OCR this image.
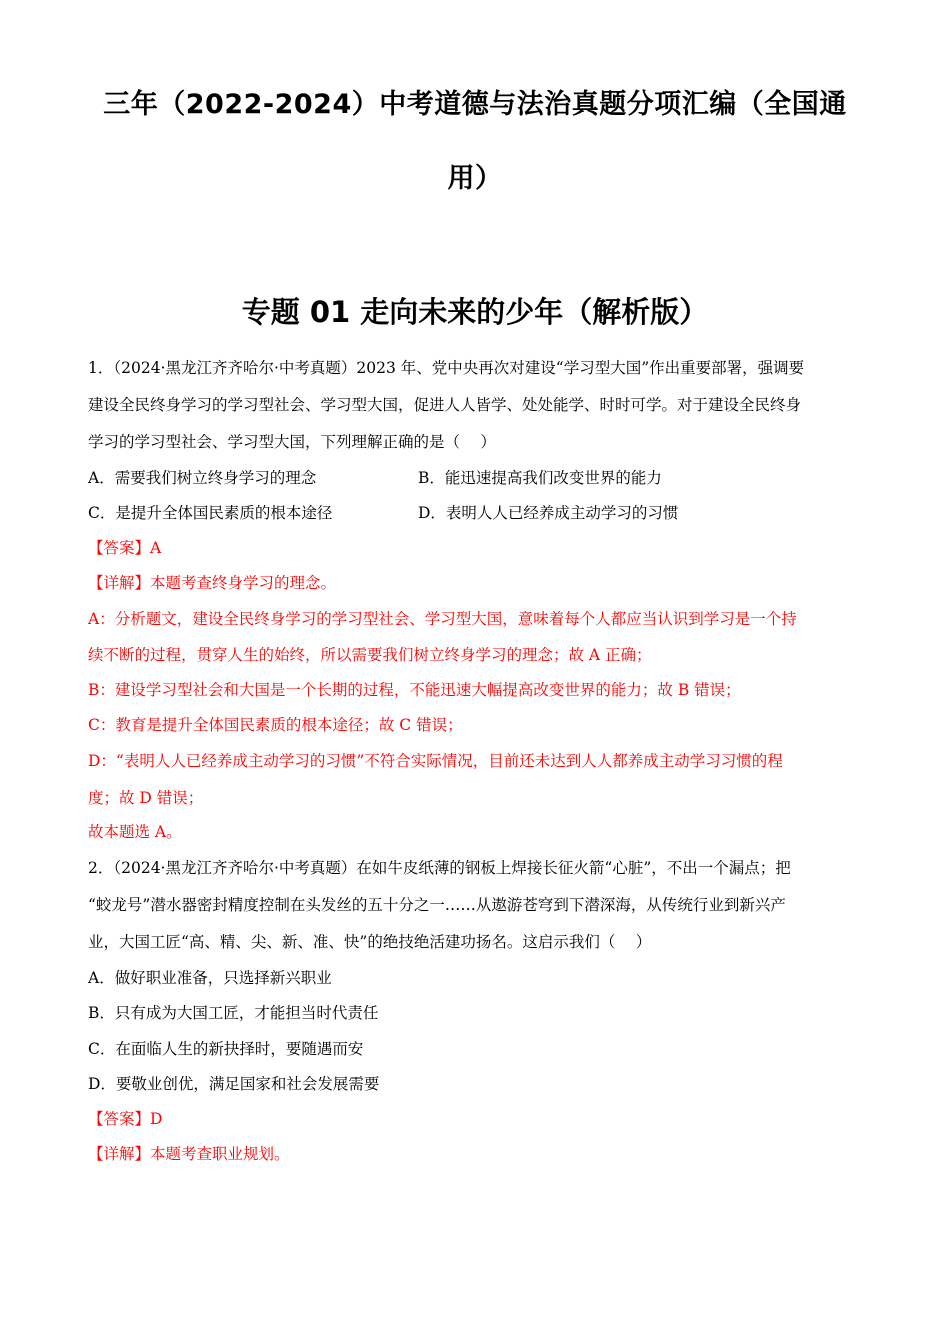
三年（2022-2024）中考道德与法治真题分项汇编（全国通
用）
专题 01 走向未来的少年（解析版）
1．（2024·黑龙江齐齐哈尔·中考真题）2023 年、党中央再次对建设“学习型大国”作出重要部署，强调要
建设全民终身学习的学习型社会、学习型大国，促进人人皆学、处处能学、时时可学。对于建设全民终身
学习的学习型社会、学习型大国，下列理解正确的是（　 ）
A．需要我们树立终身学习的理念	B．能迅速提高我们改变世界的能力
C．是提升全体国民素质的根本途径	D．表明人人已经养成主动学习的习惯
【答案】A
【详解】本题考查终身学习的理念。
A：分析题文，建设全民终身学习的学习型社会、学习型大国，意味着每个人都应当认识到学习是一个持
续不断的过程，贯穿人生的始终，所以需要我们树立终身学习的理念；故 A 正确；
B：建设学习型社会和大国是一个长期的过程，不能迅速大幅提高改变世界的能力；故 B 错误；
C：教育是提升全体国民素质的根本途径；故 C 错误；
D：“表明人人已经养成主动学习的习惯”不符合实际情况，目前还未达到人人都养成主动学习习惯的程
度；故 D 错误；
故本题选 A。
2．（2024·黑龙江齐齐哈尔·中考真题）在如牛皮纸薄的钢板上焊接长征火箭“心脏”，不出一个漏点；把
“蛟龙号”潜水器密封精度控制在头发丝的五十分之一……从遨游苍穹到下潜深海，从传统行业到新兴产
业，大国工匠“高、精、尖、新、准、快”的绝技绝活建功扬名。这启示我们（　 ）
A．做好职业准备，只选择新兴职业
B．只有成为大国工匠，才能担当时代责任
C．在面临人生的新抉择时，要随遇而安
D．要敬业创优，满足国家和社会发展需要
【答案】D
【详解】本题考查职业规划。
